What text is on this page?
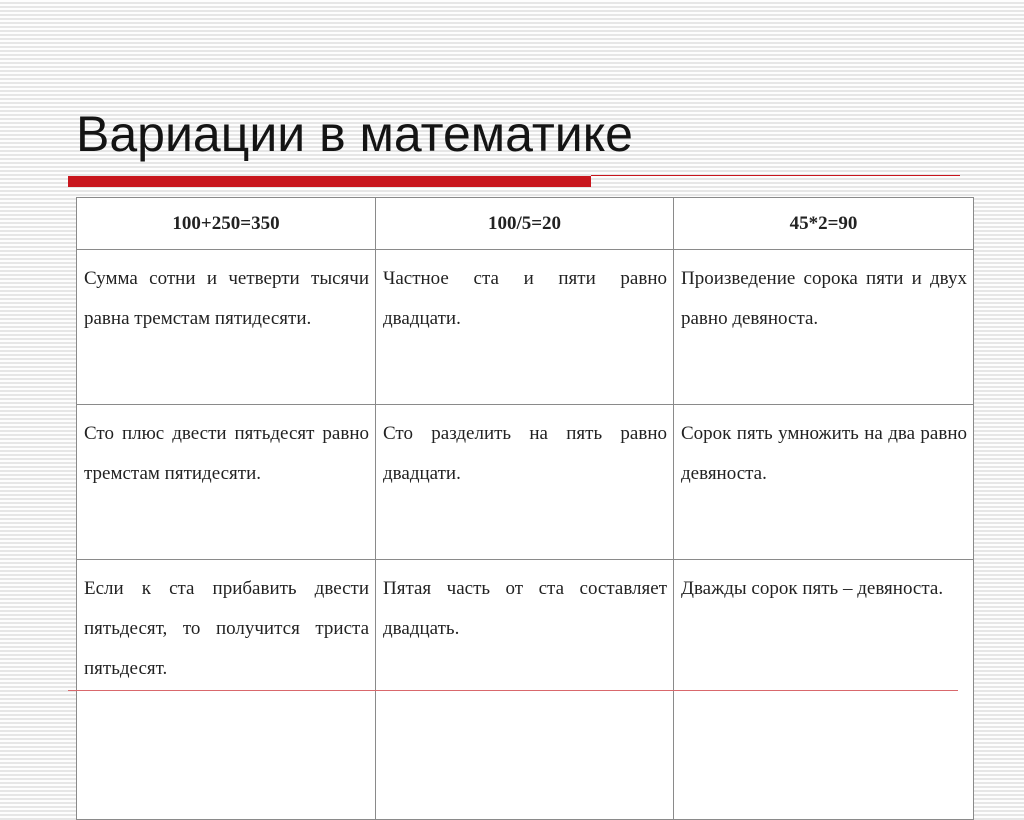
Вариации в математике
100+250=350	100/5=20	45*2=90
Сумма сотни и четверти тысячи равна тремстам пятидесяти.	Частное ста и пяти равно двадцати.	Произведение сорока пяти и двух равно девяноста.
Сто плюс двести пятьдесят равно тремстам пятидесяти.	Сто разделить на пять равно двадцати.	Сорок пять умножить на два равно девяноста.
Если к ста прибавить двести пятьдесят, то получится триста пятьдесят.	Пятая часть от ста составляет двадцать.	Дважды сорок пять – девяноста.
